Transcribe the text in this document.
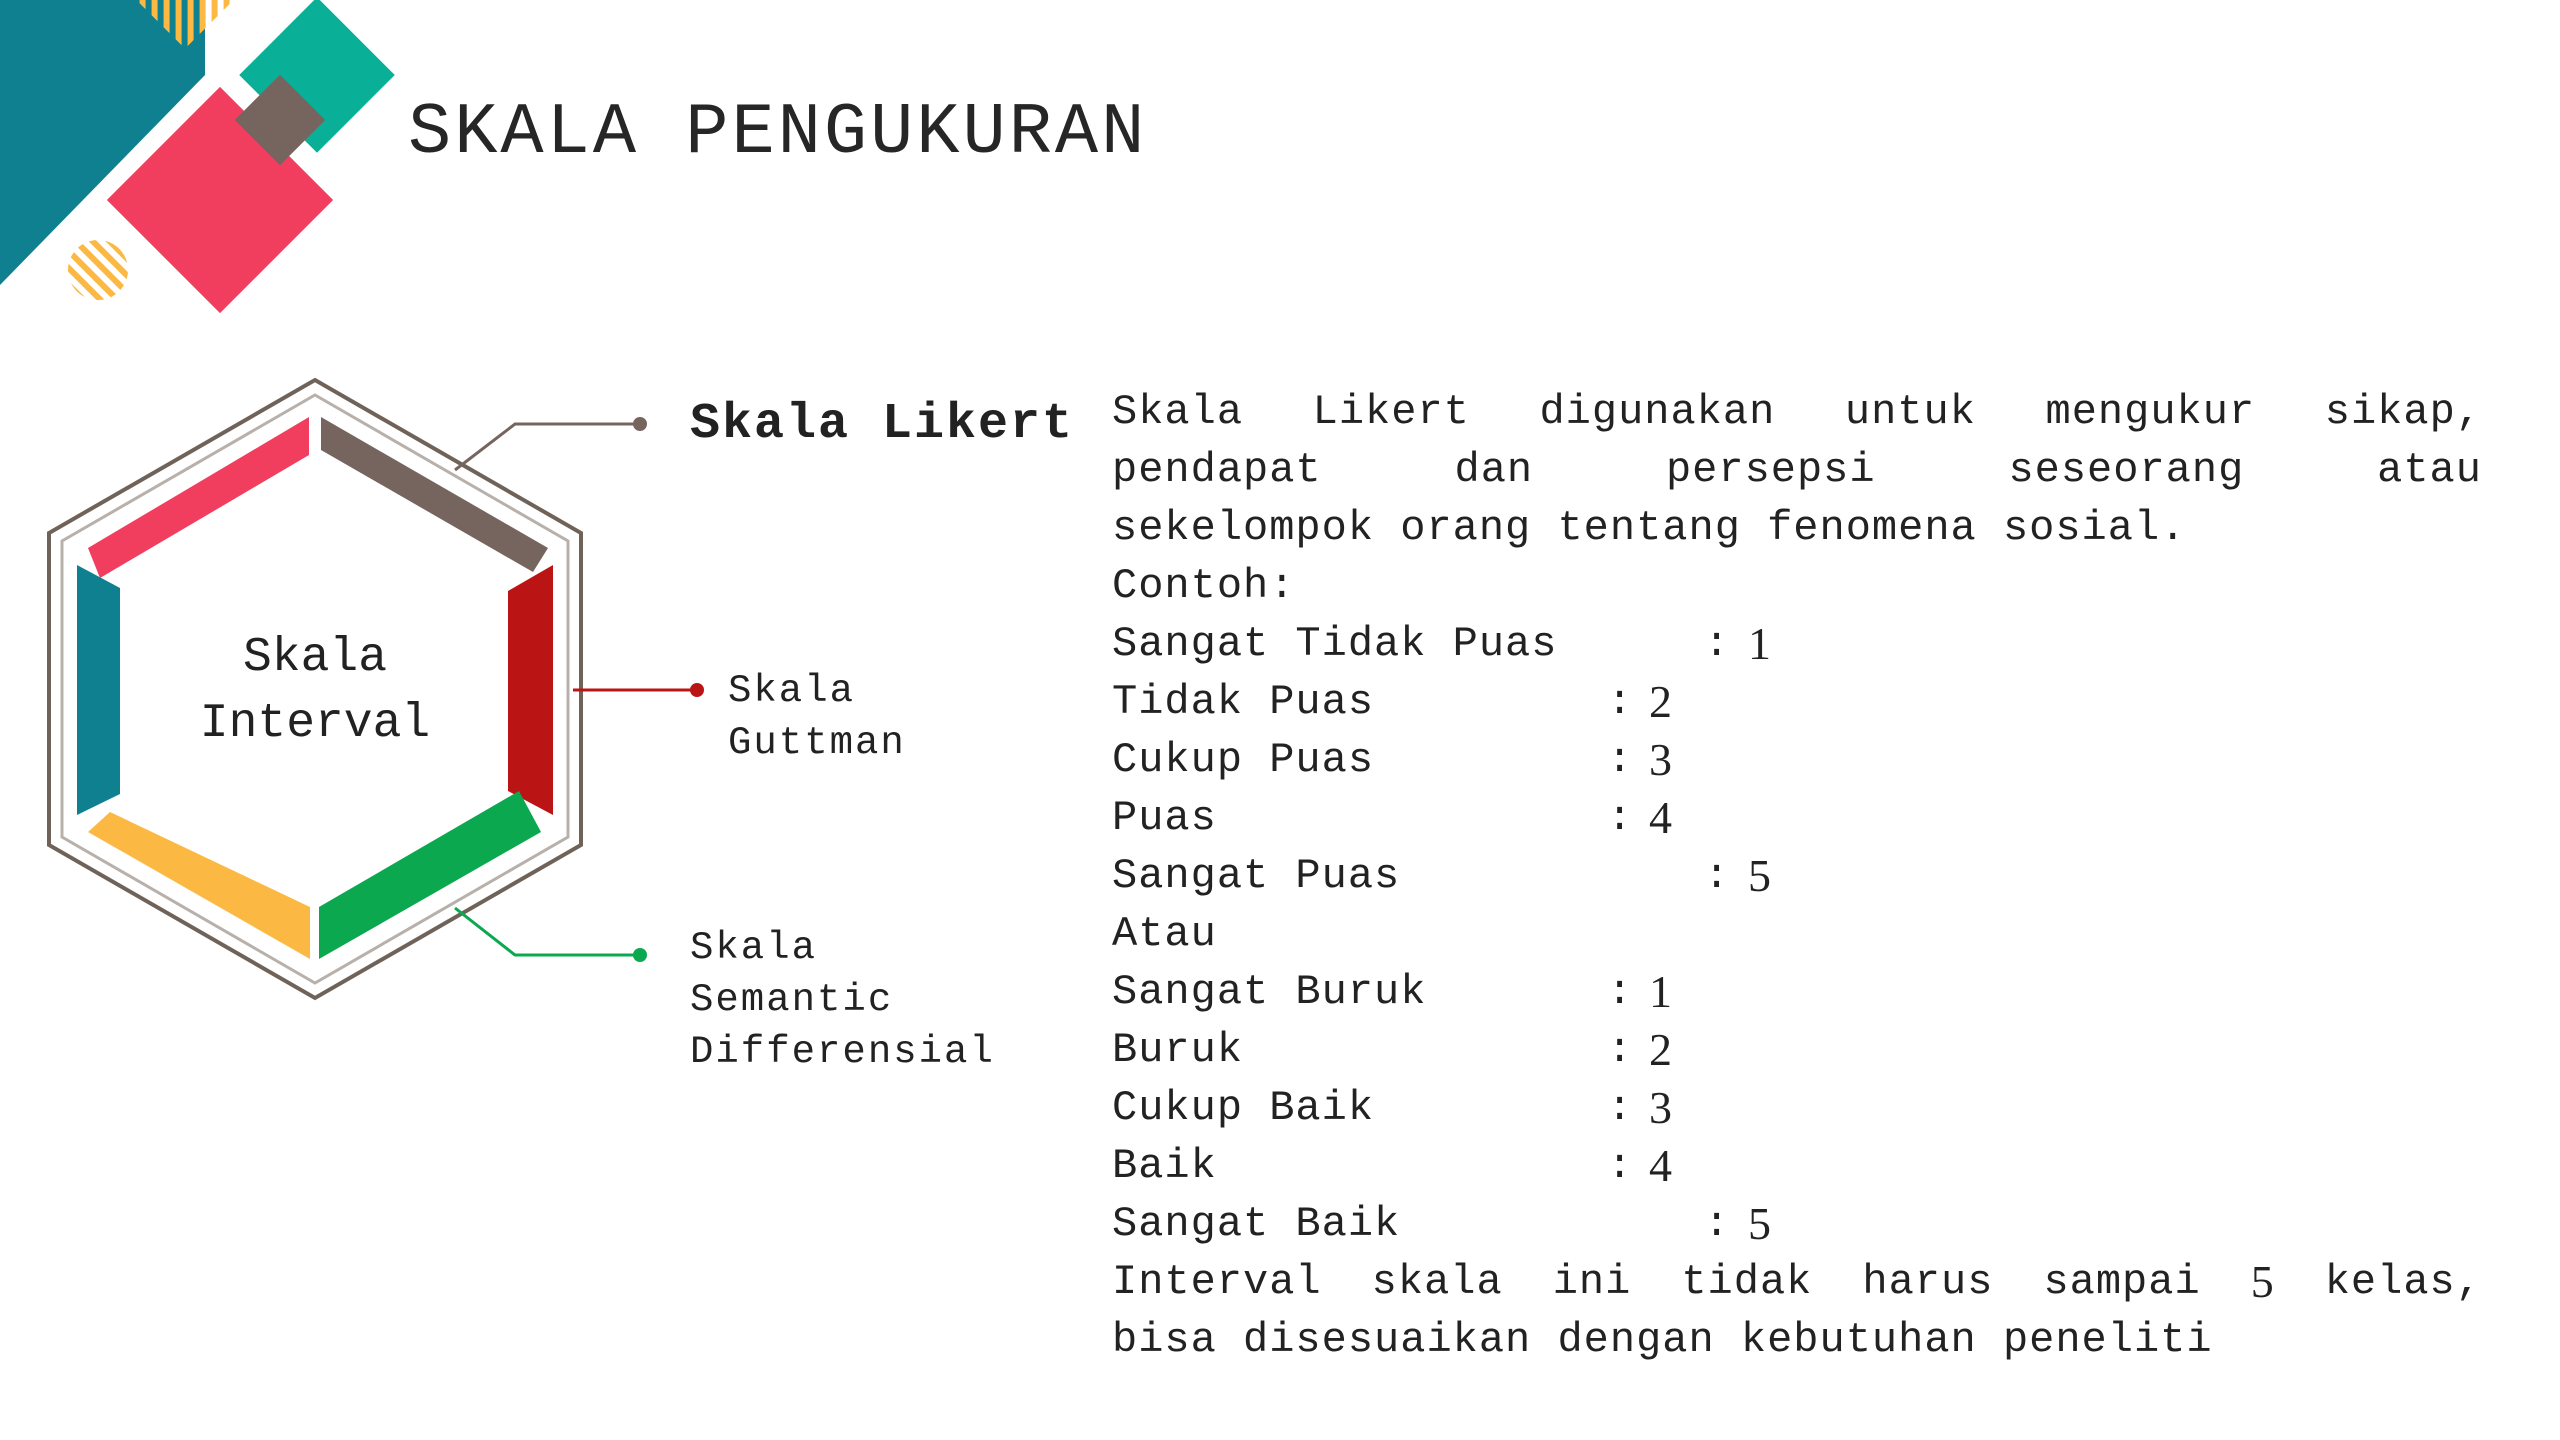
SKALA PENGUKURAN
Skala
Interval
Skala Likert
Skala
Guttman
Skala
Semantic
Differensial
Skala Likert digunakan untuk mengukur sikap,
pendapat	dan	persepsi	seseorang	atau
sekelompok orang tentang fenomena sosial.
Contoh:
Sangat Tidak Puas	: 1
Tidak Puas	: 2
Cukup Puas	: 3
Puas	: 4
Sangat Puas	: 5
Atau
Sangat Buruk	: 1
Buruk	: 2
Cukup Baik	: 3
Baik	: 4
Sangat Baik	: 5
Interval skala ini tidak harus sampai 5 kelas,
bisa disesuaikan dengan kebutuhan peneliti
